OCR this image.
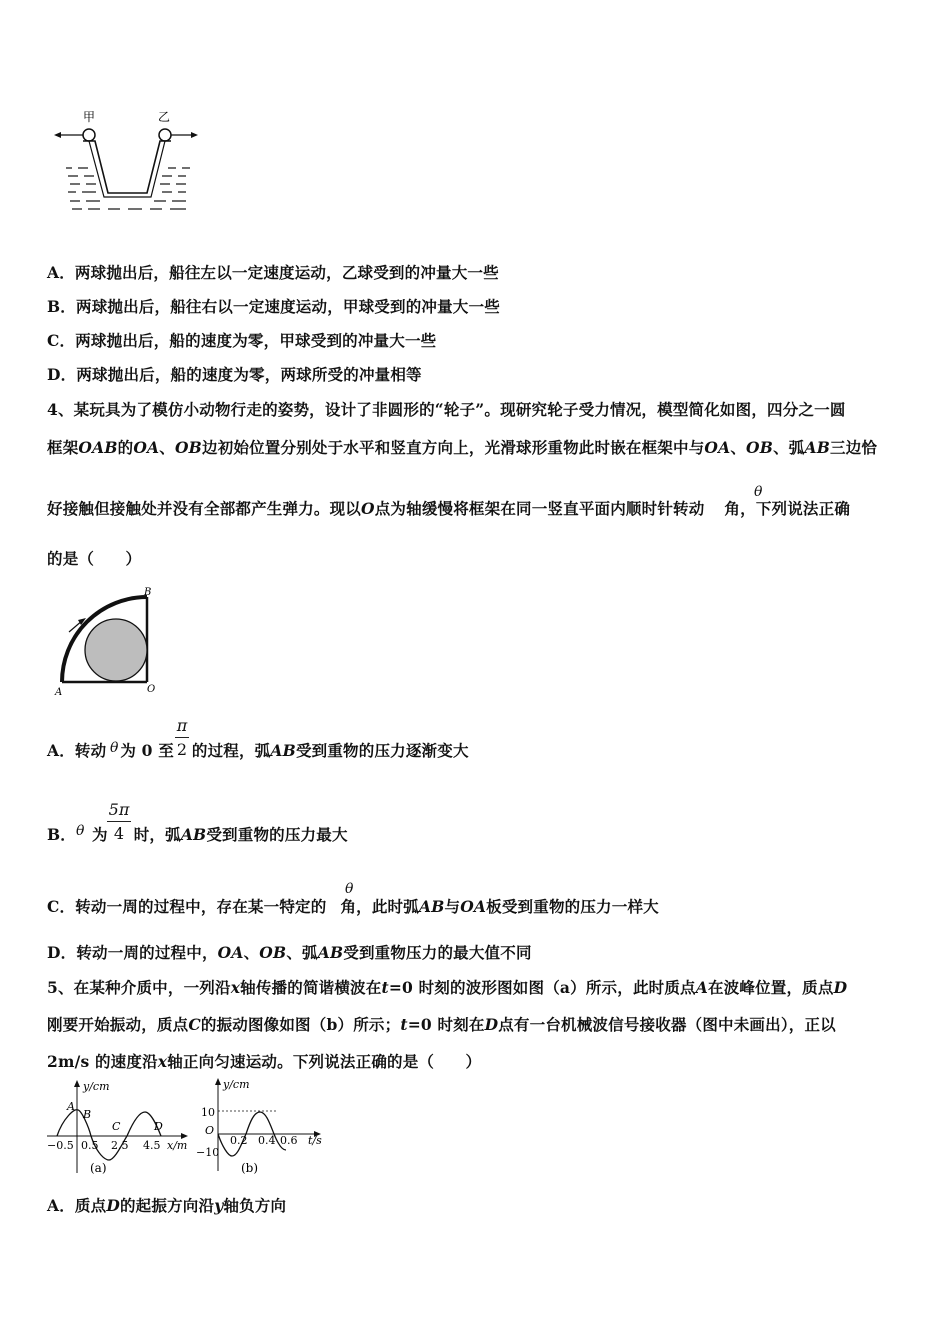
甲	乙
A．两球抛出后，船往左以一定速度运动，乙球受到的冲量大一些
B．两球抛出后，船往右以一定速度运动，甲球受到的冲量大一些
C．两球抛出后，船的速度为零，甲球受到的冲量大一些
D．两球抛出后，船的速度为零，两球所受的冲量相等
4、某玩具为了模仿小动物行走的姿势，设计了非圆形的“轮子”。现研究轮子受力情况，模型简化如图，四分之一圆
框架OAB的OA、OB边初始位置分别处于水平和竖直方向上，光滑球形重物此时嵌在框架中与OA、OB、弧AB三边恰
好接触但接触处并没有全部都产生弹力。现以O点为轴缓慢将框架在同一竖直平面内顺时针转动 角，下列说法正确
θ
的是（　　）
B
A	O
A．转动 为 0 至 的过程，弧AB受到重物的压力逐渐变大
θ
π
2
B． 为 时，弧AB受到重物的压力最大
θ
5π
4
C．转动一周的过程中，存在某一特定的 角，此时弧AB与OA板受到重物的压力一样大
θ
D．转动一周的过程中，OA、OB、弧AB受到重物压力的最大值不同
5、在某种介质中，一列沿x轴传播的简谐横波在t=0 时刻的波形图如图（a）所示，此时质点A在波峰位置，质点D
刚要开始振动，质点C的振动图像如图（b）所示；t=0 时刻在D点有一台机械波信号接收器（图中未画出），正以
2m/s 的速度沿x轴正向匀速运动。下列说法正确的是（　　）
y/cm
A
B
C	D
−0.5 0.5 2.5 4.5 x/m
(a)
y/cm
10
O
−10
0.2 0.4 0.6 t/s
(b)
A．质点D的起振方向沿y轴负方向
